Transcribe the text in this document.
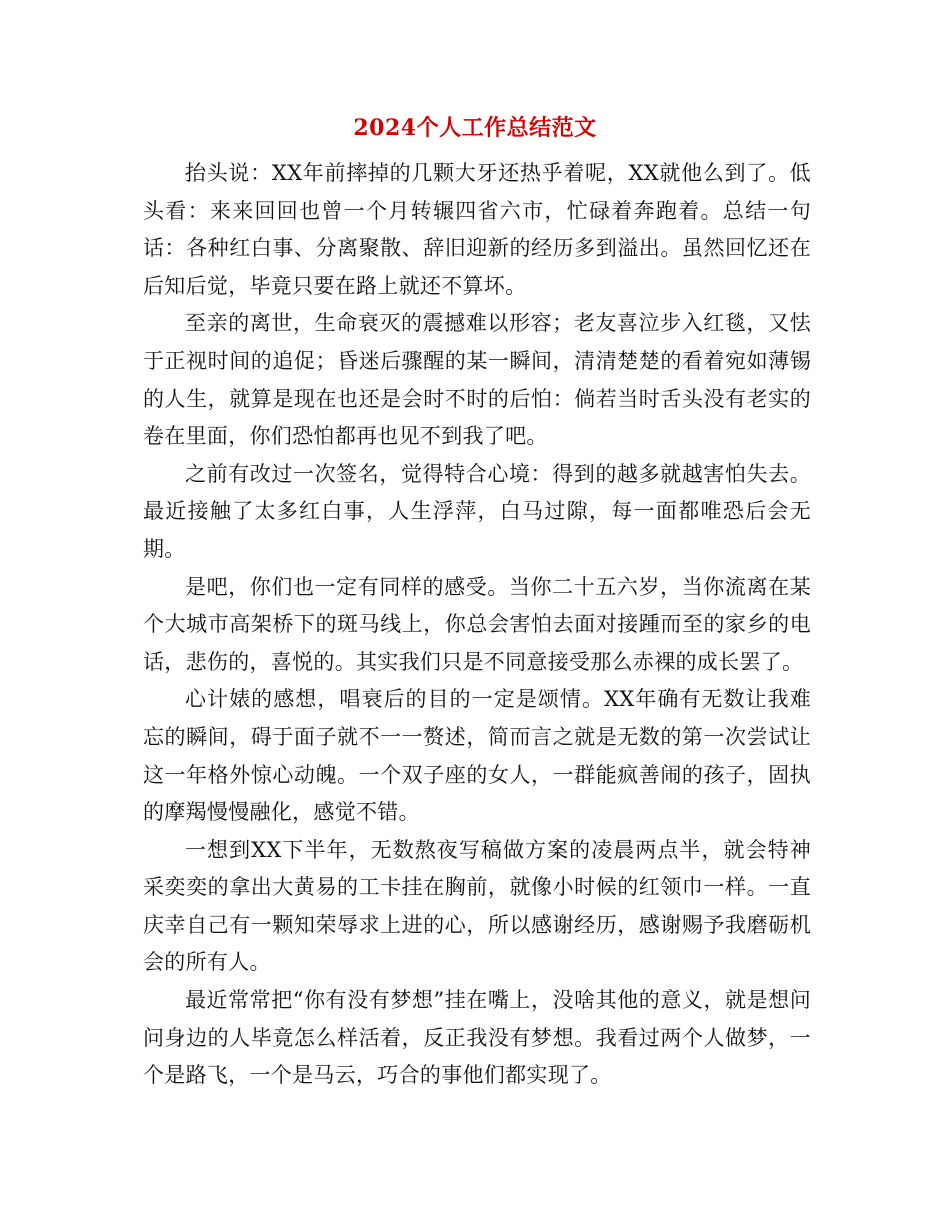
2024个人工作总结范文

抬头说：XX年前摔掉的几颗大牙还热乎着呢，XX就他么到了。低头看：来来回回也曾一个月转辗四省六市，忙碌着奔跑着。总结一句话：各种红白事、分离聚散、辞旧迎新的经历多到溢出。虽然回忆还在后知后觉，毕竟只要在路上就还不算坏。

至亲的离世，生命衰灭的震撼难以形容；老友喜泣步入红毯，又怯于正视时间的追促；昏迷后骤醒的某一瞬间，清清楚楚的看着宛如薄锡的人生，就算是现在也还是会时不时的后怕：倘若当时舌头没有老实的卷在里面，你们恐怕都再也见不到我了吧。

之前有改过一次签名，觉得特合心境：得到的越多就越害怕失去。最近接触了太多红白事，人生浮萍，白马过隙，每一面都唯恐后会无期。

是吧，你们也一定有同样的感受。当你二十五六岁，当你流离在某个大城市高架桥下的斑马线上，你总会害怕去面对接踵而至的家乡的电话，悲伤的，喜悦的。其实我们只是不同意接受那么赤裸的成长罢了。

心计婊的感想，唱衰后的目的一定是颂情。XX年确有无数让我难忘的瞬间，碍于面子就不一一赘述，简而言之就是无数的第一次尝试让这一年格外惊心动魄。一个双子座的女人，一群能疯善闹的孩子，固执的摩羯慢慢融化，感觉不错。

一想到XX下半年，无数熬夜写稿做方案的凌晨两点半，就会特神采奕奕的拿出大黄易的工卡挂在胸前，就像小时候的红领巾一样。一直庆幸自己有一颗知荣辱求上进的心，所以感谢经历，感谢赐予我磨砺机会的所有人。

最近常常把“你有没有梦想”挂在嘴上，没啥其他的意义，就是想问问身边的人毕竟怎么样活着，反正我没有梦想。我看过两个人做梦，一个是路飞，一个是马云，巧合的事他们都实现了。
